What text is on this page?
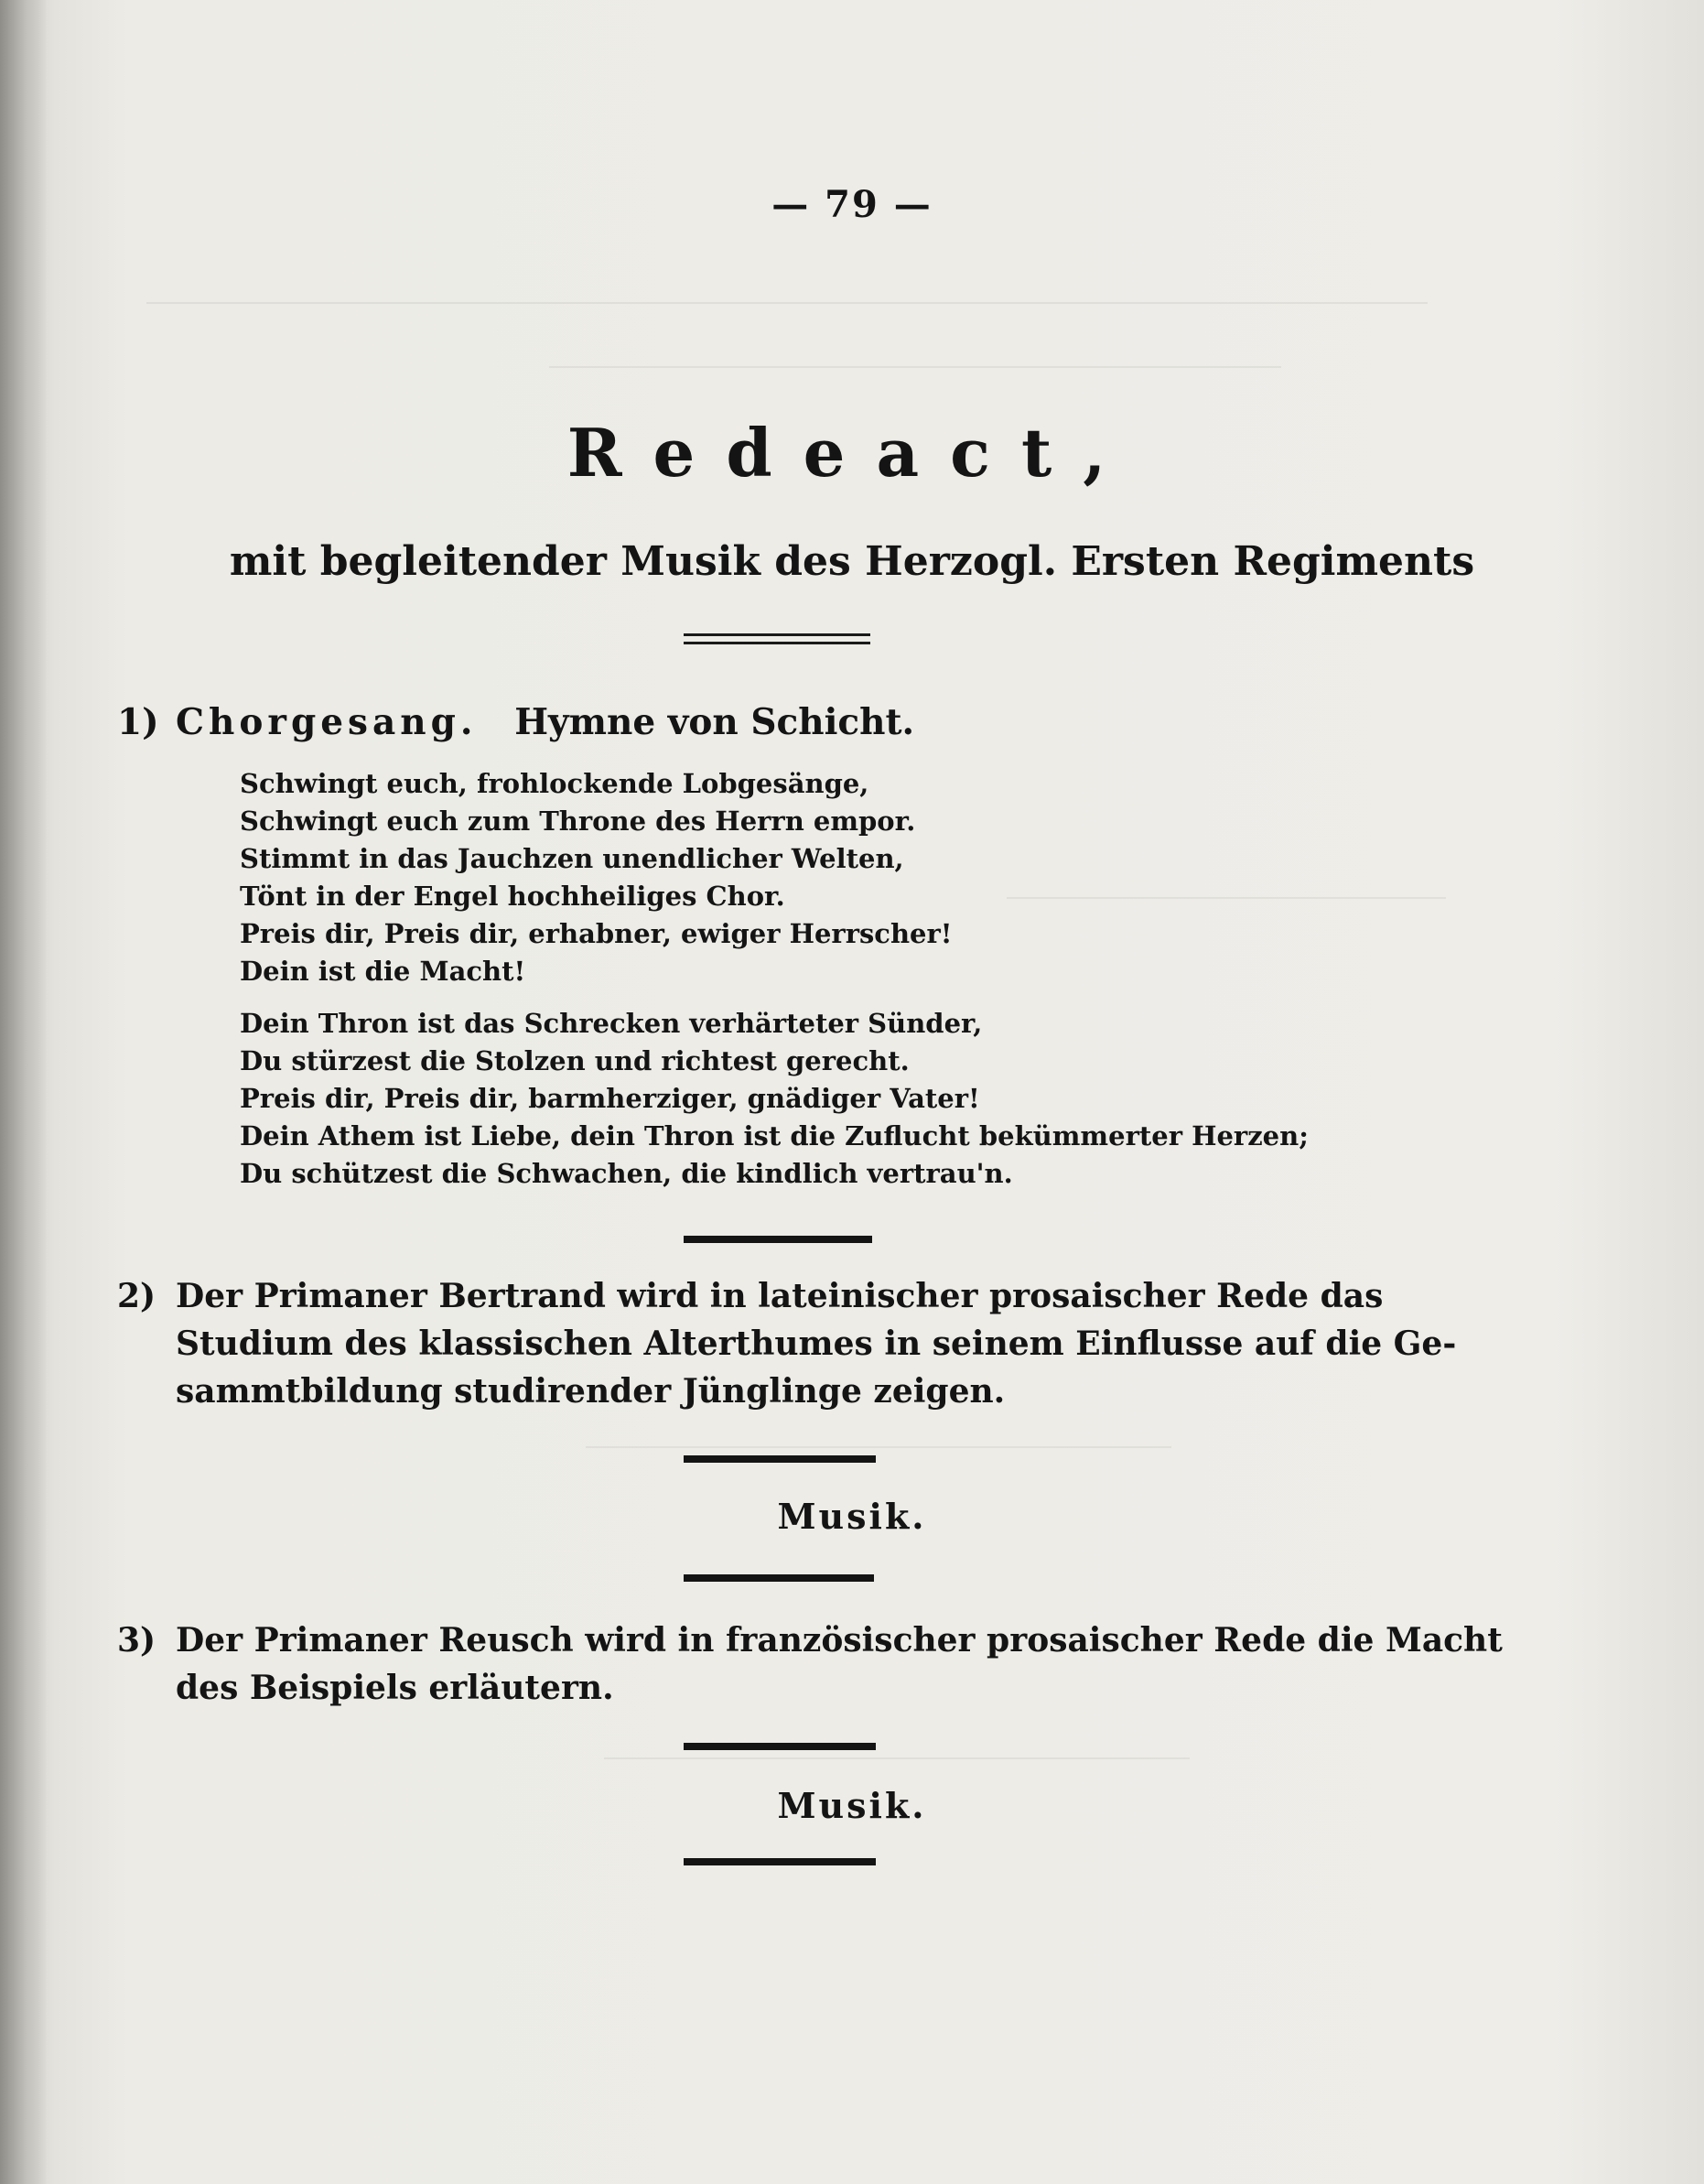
— 79 —
Redeact,
mit begleitender Musik des Herzogl. Ersten Regiments
1) Chorgesang. Hymne von Schicht.
Schwingt euch, frohlockende Lobgesänge,
Schwingt euch zum Throne des Herrn empor.
Stimmt in das Jauchzen unendlicher Welten,
Tönt in der Engel hochheiliges Chor.
Preis dir, Preis dir, erhabner, ewiger Herrscher!
Dein ist die Macht!
Dein Thron ist das Schrecken verhärteter Sünder,
Du stürzest die Stolzen und richtest gerecht.
Preis dir, Preis dir, barmherziger, gnädiger Vater!
Dein Athem ist Liebe, dein Thron ist die Zuflucht bekümmerter Herzen;
Du schützest die Schwachen, die kindlich vertrau'n.
2) Der Primaner Bertrand wird in lateinischer prosaischer Rede das
Studium des klassischen Alterthumes in seinem Einflusse auf die Ge-
sammtbildung studirender Jünglinge zeigen.
Musik.
3) Der Primaner Reusch wird in französischer prosaischer Rede die Macht
des Beispiels erläutern.
Musik.
